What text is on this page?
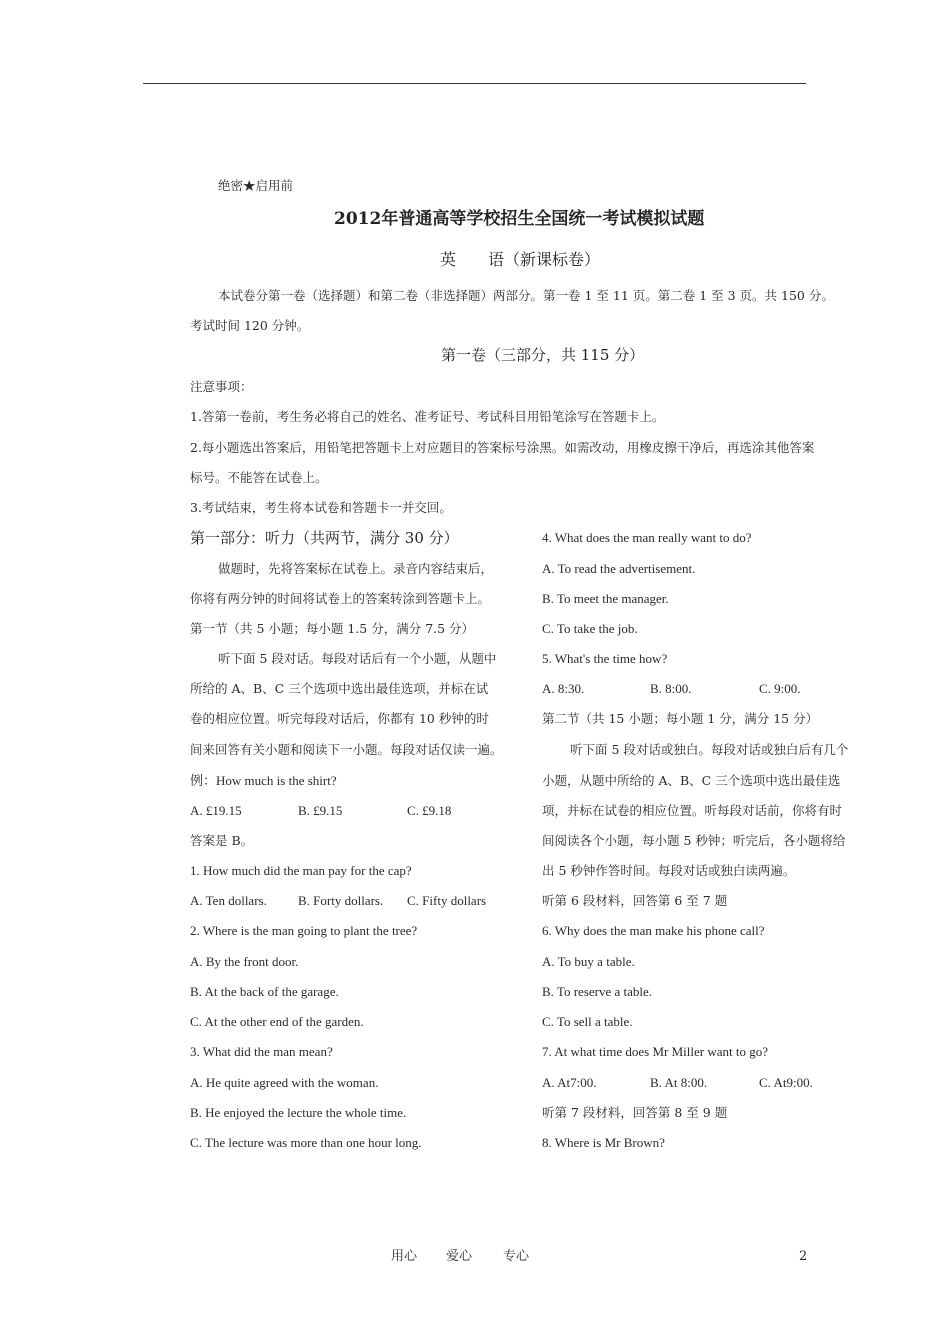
绝密★启用前
2012年普通高等学校招生全国统一考试模拟试题
英　　语（新课标卷）
本试卷分第一卷（选择题）和第二卷（非选择题）两部分。第一卷 1 至 11 页。第二卷 1 至 3 页。共 150 分。
考试时间 120 分钟。
第一卷（三部分，共 115 分）
注意事项：
1.答第一卷前，考生务必将自己的姓名、准考证号、考试科目用铅笔涂写在答题卡上。
2.每小题选出答案后，用铅笔把答题卡上对应题目的答案标号涂黑。如需改动，用橡皮擦干净后，再选涂其他答案
标号。不能答在试卷上。
3.考试结束，考生将本试卷和答题卡一并交回。
第一部分：听力（共两节，满分 30 分）
做题时，先将答案标在试卷上。录音内容结束后，
你将有两分钟的时间将试卷上的答案转涂到答题卡上。
第一节（共 5 小题；每小题 1.5 分，满分 7.5 分）
听下面 5 段对话。每段对话后有一个小题，从题中
所给的 A、B、C 三个选项中选出最佳选项，并标在试
卷的相应位置。听完每段对话后，你都有 10 秒钟的时
间来回答有关小题和阅读下一小题。每段对话仅读一遍。
例：How much is the shirt?
A. £19.15	B. £9.15	C. £9.18
答案是 B。
1. How much did the man pay for the cap?
A. Ten dollars. B. Forty dollars. C. Fifty dollars
2. Where is the man going to plant the tree?
A. By the front door.
B. At the back of the garage.
C. At the other end of the garden.
3. What did the man mean?
A. He quite agreed with the woman.
B. He enjoyed the lecture the whole time.
C. The lecture was more than one hour long.
4. What does the man really want to do?
A. To read the advertisement.
B. To meet the manager.
C. To take the job.
5. What's the time how?
A. 8:30.	B. 8:00.	C. 9:00.
第二节（共 15 小题；每小题 1 分，满分 15 分）
听下面 5 段对话或独白。每段对话或独白后有几个
小题，从题中所给的 A、B、C 三个选项中选出最佳选
项，并标在试卷的相应位置。听每段对话前，你将有时
间阅读各个小题，每小题 5 秒钟；听完后，各小题将给
出 5 秒钟作答时间。每段对话或独白读两遍。
听第 6 段材料，回答第 6 至 7 题
6. Why does the man make his phone call?
A. To buy a table.
B. To reserve a table.
C. To sell a table.
7. At what time does Mr Miller want to go?
A. At7:00.	B. At 8:00.	C. At9:00.
听第 7 段材料，回答第 8 至 9 题
8. Where is Mr Brown?
用心 爱心 专心	2
